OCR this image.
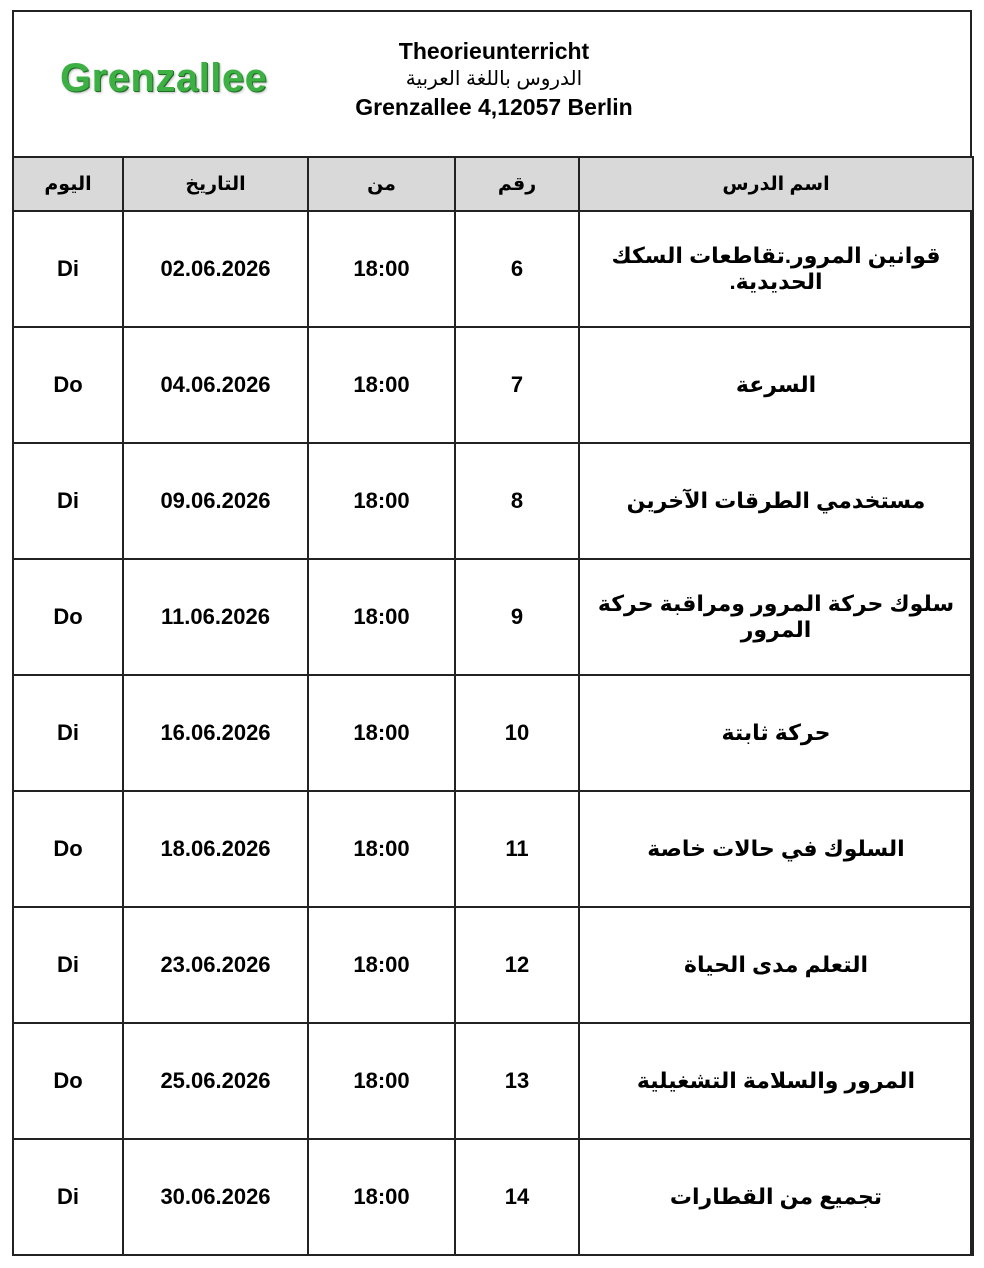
Grenzallee
Theorieunterricht
الدروس باللغة العربية
Grenzallee 4,12057 Berlin
اليوم	التاريخ	من	رقم	اسم الدرس
Di	02.06.2026	18:00	6	قوانين المرور.تقاطعات السكك الحديدية.
Do	04.06.2026	18:00	7	السرعة
Di	09.06.2026	18:00	8	مستخدمي الطرقات الآخرين
Do	11.06.2026	18:00	9	سلوك حركة المرور ومراقبة حركة المرور
Di	16.06.2026	18:00	10	حركة ثابتة
Do	18.06.2026	18:00	11	السلوك في حالات خاصة
Di	23.06.2026	18:00	12	التعلم مدى الحياة
Do	25.06.2026	18:00	13	المرور والسلامة التشغيلية
Di	30.06.2026	18:00	14	تجميع من القطارات
